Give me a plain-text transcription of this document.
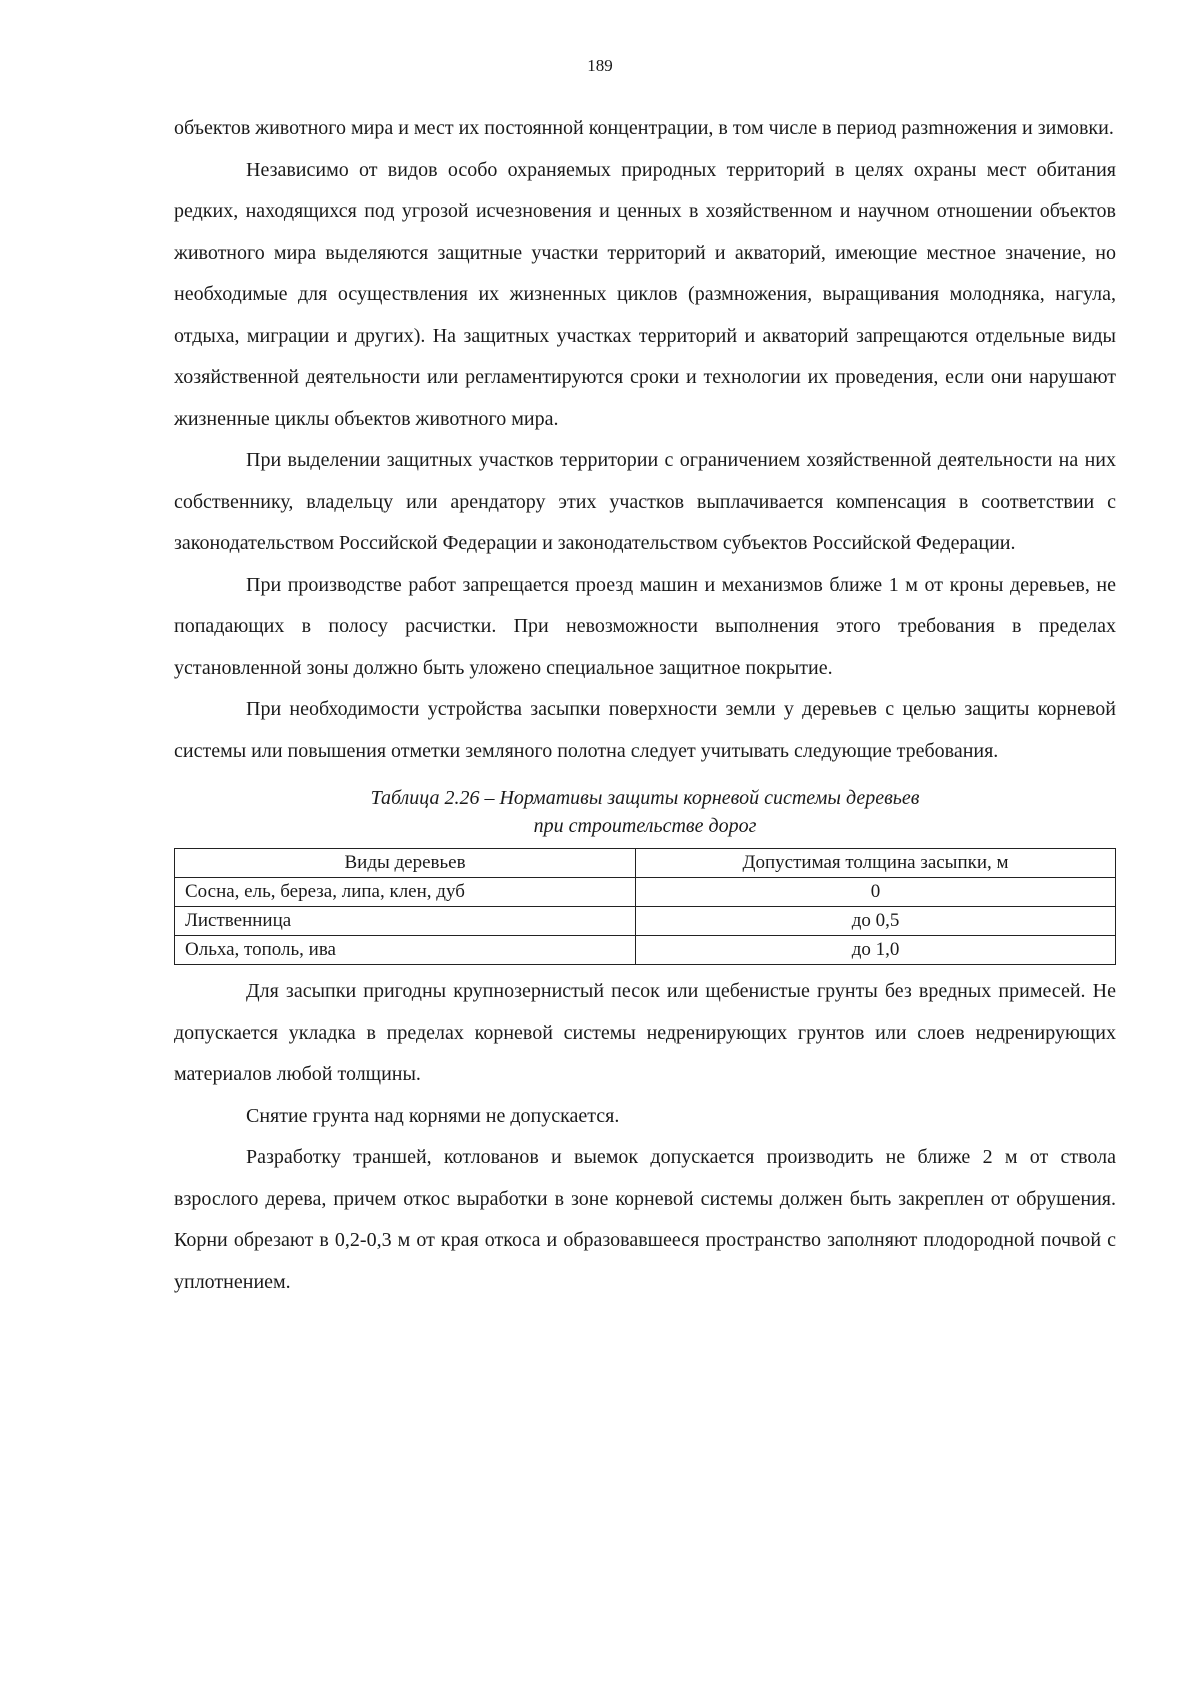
189

объектов животного мира и мест их постоянной концентрации, в том числе в период разmножения и зимовки.

Независимо от видов особо охраняемых природных территорий в целях охраны мест обитания редких, находящихся под угрозой исчезновения и ценных в хозяйственном и научном отношении объектов животного мира выделяются защитные участки территорий и акваторий, имеющие местное значение, но необходимые для осуществления их жизненных циклов (размножения, выращивания молодняка, нагула, отдыха, миграции и других). На защитных участках территорий и акваторий запрещаются отдельные виды хозяйственной деятельности или регламентируются сроки и технологии их проведения, если они нарушают жизненные циклы объектов животного мира.

При выделении защитных участков территории с ограничением хозяйственной деятельности на них собственнику, владельцу или арендатору этих участков выплачивается компенсация в соответствии с законодательством Российской Федерации и законодательством субъектов Российской Федерации.

При производстве работ запрещается проезд машин и механизмов ближе 1 м от кроны деревьев, не попадающих в полосу расчистки. При невозможности выполнения этого требования в пределах установленной зоны должно быть уложено специальное защитное покрытие.

При необходимости устройства засыпки поверхности земли у деревьев с целью защиты корневой системы или повышения отметки земляного полотна следует учитывать следующие требования.

Таблица 2.26 – Нормативы защиты корневой системы деревьев

при строительстве дорог

Виды деревьев	Допустимая толщина засыпки, м
Сосна, ель, береза, липа, клен, дуб	0
Лиственница	до 0,5
Ольха, тополь, ива	до 1,0

Для засыпки пригодны крупнозернистый песок или щебенистые грунты без вредных примесей. Не допускается укладка в пределах корневой системы недренирующих грунтов или слоев недренирующих материалов любой толщины.

Снятие грунта над корнями не допускается.

Разработку траншей, котлованов и выемок допускается производить не ближе 2 м от ствола взрослого дерева, причем откос выработки в зоне корневой системы должен быть закреплен от обрушения. Корни обрезают в 0,2-0,3 м от края откоса и образовавшееся пространство заполняют плодородной почвой с уплотнением.
